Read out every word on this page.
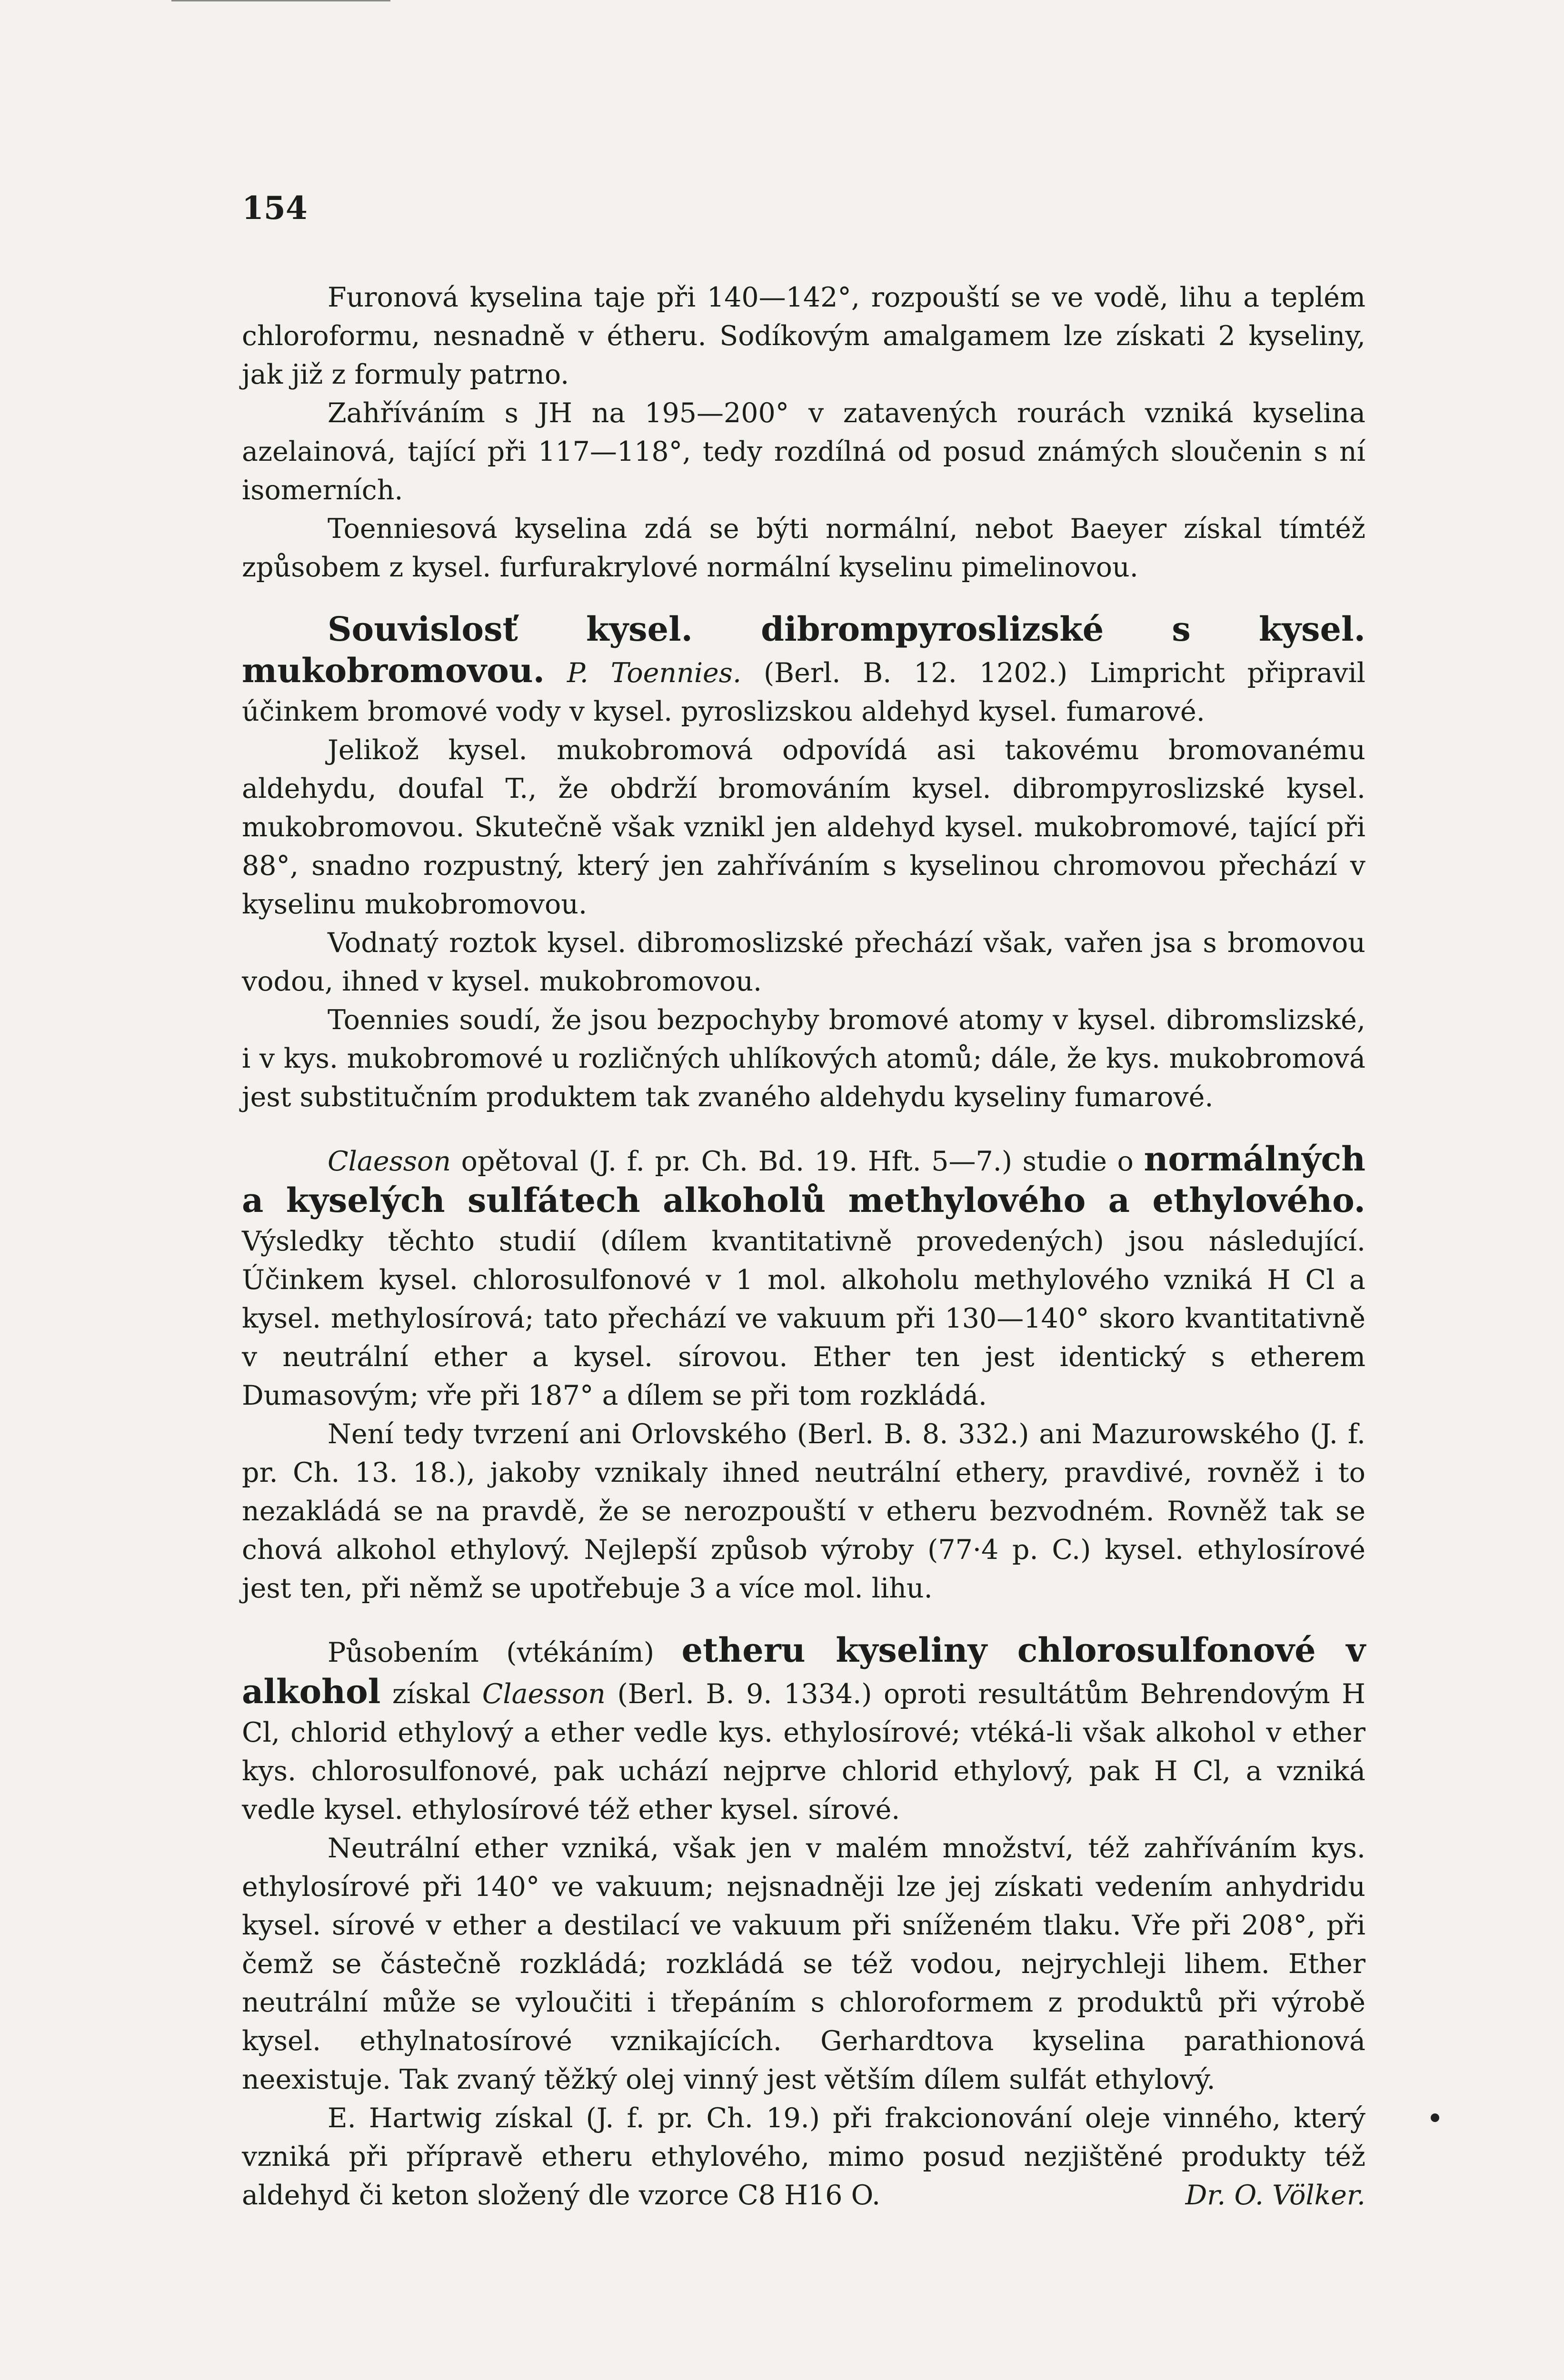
154

Furonová kyselina taje při 140—142°, rozpouští se ve vodě, lihu a teplém chloroformu, nesnadně v étheru. Sodíkovým amalgamem lze získati 2 kyseliny, jak již z formuly patrno.

Zahříváním s JH na 195—200° v zatavených rourách vzniká kyselina azelainová, tající při 117—118°, tedy rozdílná od posud známých sloučenin s ní isomerních.

Toenniesová kyselina zdá se býti normální, nebot Baeyer získal tímtéž způsobem z kysel. furfurakrylové normální kyselinu pimelinovou.

Souvislosť kysel. dibrompyroslizské s kysel. mukobromovou. P. Toennies. (Berl. B. 12. 1202.) Limpricht připravil účinkem bromové vody v kysel. pyroslizskou aldehyd kysel. fumarové.

Jelikož kysel. mukobromová odpovídá asi takovému bromovanému aldehydu, doufal T., že obdrží bromováním kysel. dibrompyroslizské kysel. mukobromovou. Skutečně však vznikl jen aldehyd kysel. mukobromové, tající při 88°, snadno rozpustný, který jen zahříváním s kyselinou chromovou přechází v kyselinu mukobromovou.

Vodnatý roztok kysel. dibromoslizské přechází však, vařen jsa s bromovou vodou, ihned v kysel. mukobromovou.

Toennies soudí, že jsou bezpochyby bromové atomy v kysel. dibromslizské, i v kys. mukobromové u rozličných uhlíkových atomů; dále, že kys. mukobromová jest substitučním produktem tak zvaného aldehydu kyseliny fumarové.

Claesson opětoval (J. f. pr. Ch. Bd. 19. Hft. 5—7.) studie o normálných a kyselých sulfátech alkoholů methylového a ethylového. Výsledky těchto studií (dílem kvantitativně provedených) jsou následující. Účinkem kysel. chlorosulfonové v 1 mol. alkoholu methylového vzniká H Cl a kysel. methylosírová; tato přechází ve vakuum při 130—140° skoro kvantitativně v neutrální ether a kysel. sírovou. Ether ten jest identický s etherem Dumasovým; vře při 187° a dílem se při tom rozkládá.

Není tedy tvrzení ani Orlovského (Berl. B. 8. 332.) ani Mazurowského (J. f. pr. Ch. 13. 18.), jakoby vznikaly ihned neutrální ethery, pravdivé, rovněž i to nezakládá se na pravdě, že se nerozpouští v etheru bezvodném. Rovněž tak se chová alkohol ethylový. Nejlepší způsob výroby (77·4 p. C.) kysel. ethylosírové jest ten, při němž se upotřebuje 3 a více mol. lihu.

Působením (vtékáním) etheru kyseliny chlorosulfonové v alkohol získal Claesson (Berl. B. 9. 1334.) oproti resultátům Behrendovým H Cl, chlorid ethylový a ether vedle kys. ethylosírové; vtéká-li však alkohol v ether kys. chlorosulfonové, pak uchází nejprve chlorid ethylový, pak H Cl, a vzniká vedle kysel. ethylosírové též ether kysel. sírové.

Neutrální ether vzniká, však jen v malém množství, též zahříváním kys. ethylosírové při 140° ve vakuum; nejsnadněji lze jej získati vedením anhydridu kysel. sírové v ether a destilací ve vakuum při sníženém tlaku. Vře při 208°, při čemž se částečně rozkládá; rozkládá se též vodou, nejrychleji lihem. Ether neutrální může se vyloučiti i třepáním s chloroformem z produktů při výrobě kysel. ethylnatosírové vznikajících. Gerhardtova kyselina parathionová neexistuje. Tak zvaný těžký olej vinný jest větším dílem sulfát ethylový.

E. Hartwig získal (J. f. pr. Ch. 19.) při frakcionování oleje vinného, který vzniká při přípravě etheru ethylového, mimo posud nezjištěné produkty též aldehyd či keton složený dle vzorce C8 H16 O.	Dr. O. Völker.
